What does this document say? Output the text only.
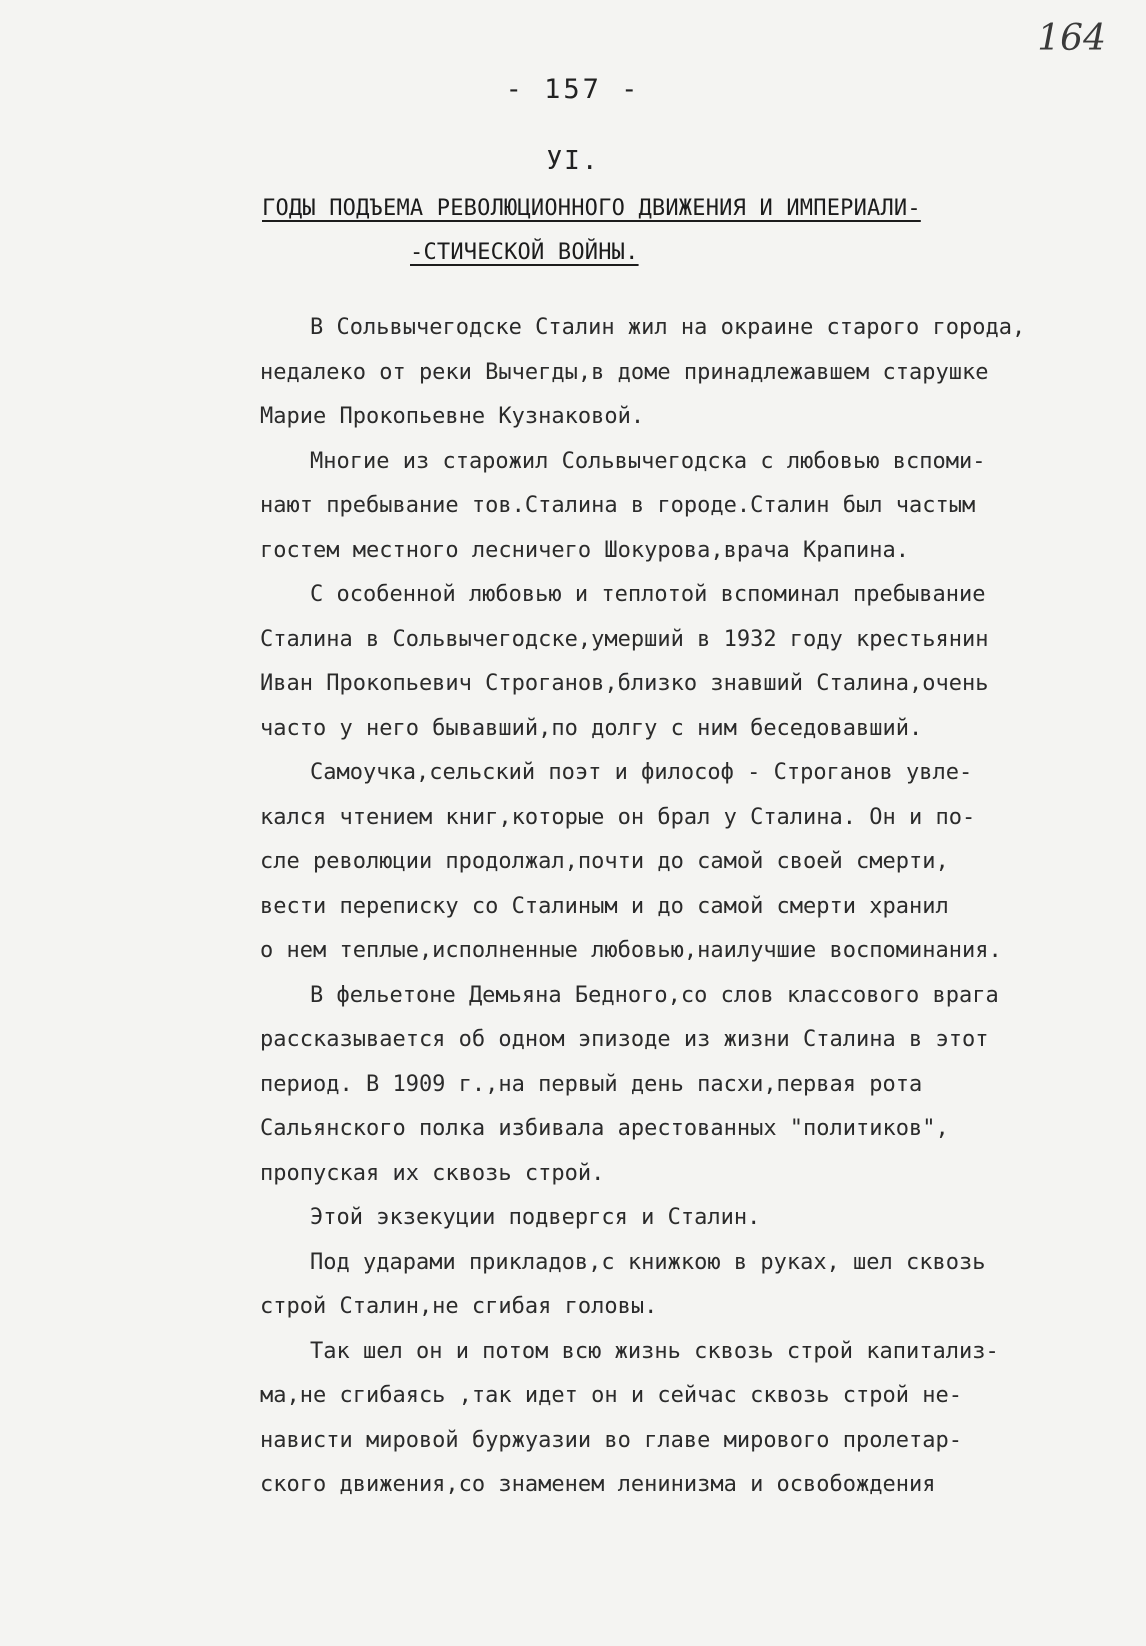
164
- 157 -
УI.
ГОДЫ ПОДЪЕМА РЕВОЛЮЦИОННОГО ДВИЖЕНИЯ И ИМПЕРИАЛИ-
-СТИЧЕСКОЙ ВОЙНЫ.
В Сольвычегодске Сталин жил на окраине старого города,
недалеко от реки Вычегды,в доме принадлежавшем старушке
Марие Прокопьевне Кузнаковой.
Многие из старожил Сольвычегодска с любовью вспоми-
нают пребывание тов.Сталина в городе.Сталин был частым
гостем местного лесничего Шокурова,врача Крапина.
С особенной любовью и теплотой вспоминал пребывание
Сталина в Сольвычегодске,умерший в 1932 году крестьянин
Иван Прокопьевич Строганов,близко знавший Сталина,очень
часто у него бывавший,по долгу с ним беседовавший.
Самоучка,сельский поэт и философ - Строганов увле-
кался чтением книг,которые он брал у Сталина. Он и по-
сле революции продолжал,почти до самой своей смерти,
вести переписку со Сталиным и до самой смерти хранил
о нем теплые,исполненные любовью,наилучшие воспоминания.
В фельетоне Демьяна Бедного,со слов классового врага
рассказывается об одном эпизоде из жизни Сталина в этот
период. В 1909 г.,на первый день пасхи,первая рота
Сальянского полка избивала арестованных "политиков",
пропуская их сквозь строй.
Этой экзекуции подвергся и Сталин.
Под ударами прикладов,с книжкою в руках, шел сквозь
строй Сталин,не сгибая головы.
Так шел он и потом всю жизнь сквозь строй капитализ-
ма,не сгибаясь ,так идет он и сейчас сквозь строй не-
нависти мировой буржуазии во главе мирового пролетар-
ского движения,со знаменем ленинизма и освобождения
